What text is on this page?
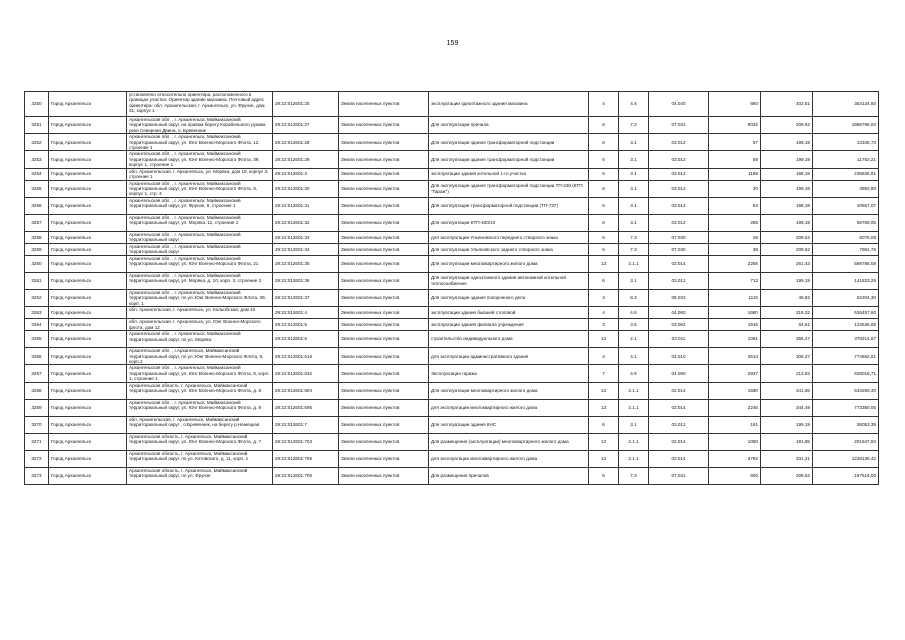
159
3250	Город Архангельск	установлено относительно ориентира, расположенного в границах участка. Ориентир здание магазина. Почтовый адрес ориентира: обл. Архангельская, г. Архангельск, ул. Фрунзе, дом 31, корпус 1	29:22:012601:25	Земли населенных пунктов	эксплуатации одноэтажного здания магазина	4	4.4	04.040	880	402,51	354124,80
3251	Город Архангельск	Архангельская обл. , г. Архангельск, Маймаксанский территориальный округ, на правом берегу Корабельного рукава реки Северная Двина, о. Бревенник	29:22:012601:27	Земли населенных пунктов	Для эксплуатации причала	6	7.3	07.031	9032	209,52	1886796,04
3252	Город Архангельск	Архангельская обл. , г. Архангельск, Маймаксанский территориальный округ, ул. Юнг Военно-Морского Флота, 12, строение 1	29:22:012601:28	Земли населенных пунктов	Для эксплуатации здания трансформаторной подстанции	6	3.1	03.012	67	199,19	13345,73
3253	Город Архангельск	Архангельская обл. , г. Архангельск, Маймаксанский территориальный округ, ул. Юнг Военно-Морского Флота, 39, корпус 1, строение 1	29:22:012601:29	Земли населенных пунктов	Для эксплуатации здания трансформаторной подстанции	6	3.1	03.012	59	199,19	11752,21
3254	Город Архангельск	обл. Архангельская, г. Архангельск, ул. Моряка, дом 19, корпус 3, строение 1	29:22:012601:3	Земли населенных пунктов	эксплуатации здания котельной 1-го участка	6	3.1	03.012	1189	199,19	236836,91
3255	Город Архангельск	Архангельская обл. , г. Архангельск, Маймаксанский территориальный округ, ул. Юнг Военно-Морского Флота, 9, корпус 1, стр. 4	29:22:012601:30	Земли населенных пунктов	Для эксплуатации здания трансформаторной подстанции ТП-230 (КТП "Гараж")	6	3.1	03.012	20	199,19	3983,80
3256	Город Архангельск	Архангельская обл. , г. Архангельск, Маймаксанский территориальный округ, ул. Фрунзе, 8, строение 1	29:22:012601:31	Земли населенных пунктов	Для эксплуатации трансформаторной подстанции (ТП-737)	6	3.1	03.012	53	199,19	10557,07
3257	Город Архангельск	Архангельская обл. , г. Архангельск, Маймаксанский территориальный округ, ул. Моряка, 11, строение 1	29:22:012601:32	Земли населенных пунктов	Для эксплуатации КТП-400/10	6	3.1	03.012	285	199,19	56768,05
3258	Город Архангельск	Архангельская обл. , г. Архангельск, Маймаксанский территориальный округ	29:22:012601:33	Земли населенных пунктов	для эксплуатации Ульяновского переднего створного знака	6	7.3	07.030	29	209,52	6076,08
3259	Город Архангельск	Архангельская обл. , г. Архангельск, Маймаксанский территориальный округ	29:22:012601:34	Земли населенных пунктов	Для эксплуатации Ульяновского заднего створного знака	6	7.3	07.030	38	209,52	7961,76
3260	Город Архангельск	Архангельская обл. , г. Архангельск, Маймаксанский территориальный округ, ул. Юнг Военно-Морского Флота, 21	29:22:012601:35	Земли населенных пунктов	Для эксплуатации многоквартирного жилого дома	13	2.1.1	02.014	2256	261,43	589786,08
3261	Город Архангельск	Архангельская обл. , г. Архангельск, Маймаксанский территориальный округ, ул. Моряка, д. 10, корп. 3, строение 2	29:22:012601:36	Земли населенных пунктов	Для эксплуатации одноэтажного здания автономной котельной теплоснабжения	6	3.1	03.012	712	199,19	141823,28
3262	Город Архангельск	Архангельская обл. , г. Архангельск, Маймаксанский территориальный округ, по ул. Юнг Военно-Морского Флота, 39, корп. 1	29:22:012601:37	Земли населенных пунктов	Для эксплуатации здания похоронного дела	3	8.3	08.032	1115	46,82	52204,30
3263	Город Архангельск	обл. Архангельская, г. Архангельск, ул. Кольобская, дом 10	29:22:012601:4	Земли населенных пунктов	эксплуатации здания бывшей столовой	4	4.6	04.060	1680	319,32	536457,60
3264	Город Архангельск	обл. Архангельская, г. Архангельск, ул. Юнг Военно-Морского флота, дом 12	29:22:012601:5	Земли населенных пунктов	эксплуатации здания филиала учреждения	3	3.6	03.062	1915	64,51	123536,65
3265	Город Архангельск	Архангельская обл. , г. Архангельск, Маймаксанский территориальный округ, по ул. Моряка	29:22:012601:6	Земли населенных пунктов	строительство индивидуального дома	13	2.1	02.011	1061	356,47	378214,67
3266	Город Архангельск	Архангельская обл. , г.Архангельск, Маймаксанский территориальный округ, по ул. Юнг Военно-Морского Флота, 9, корп.1	29:22:012601:616	Земли населенных пунктов	для эксплуатации административного здания	4	4.1	04.010	2513	308,27	774682,51
3267	Город Архангельск	Архангельская обл. , г. Архангельск, Маймаксанский территориальный округ, ул. Юнг Военно-Морского Флота, 9, корп. 1, строение 1	29:22:012601:632	Земли населенных пунктов	Эксплуатация гаража	7	4.9	04.090	2937	213,83	628018,71
3268	Город Архангельск	Архангельская область, г. Архангельск, Маймаксанский территориальный округ, ул. Юнг Военно-Морского Флота, д. 8	29:22:012601:694	Земли населенных пунктов	Для эксплуатации многоквартирного жилого дома	13	2.1.1	02.014	1590	341,66	543280,40
3269	Город Архангельск	Архангельская обл. , г. Архангельск, Маймаксанский территориальный округ, ул. Юнг Военно-Морского Флота, д. 8	29:22:012601:695	Земли населенных пунктов	для эксплуатации многоквартирного жилого дома	13	2.1.1	02.014	2245	344,49	773380,05
3270	Город Архангельск	обл. Архангельская, г. Архангельск, Маймаксанский территориальный округ , о.Бревенник, на берегу р.Немецкая	29:22:012601:7	Земли населенных пунктов	Для эксплуатации здания КНС	6	3.1	03.012	181	199,19	36053,39
3271	Город Архангельск	Архангельская область, г. Архангельск, Маймаксанский территориальный округ, ул. Юнг Военно-Морского Флота, д. 7	29:22:012601:703	Земли населенных пунктов	Для размещения (эксплуатации) многоквартирного жилого дома	13	2.1.1	02.014	1050	191,95	201547,50
3272	Город Архангельск	Архангельская область, г. Архангельск, Маймаксанский территориальный округ, по ул. Котовского, д. 11, корп. 1	29:22:012601:705	Земли населенных пунктов	для эксплуатации многоквартирного жилого дома	13	2.1.1	02.014	3782	331,21	1226136,42
3273	Город Архангельск	Архангельская область, г. Архангельск, Маймаксанский территориальный округ, по ул. Фрунзе	29:22:012601:706	Земли населенных пунктов	Для размещения причалов	6	7.3	07.031	800	209,52	167616,00
